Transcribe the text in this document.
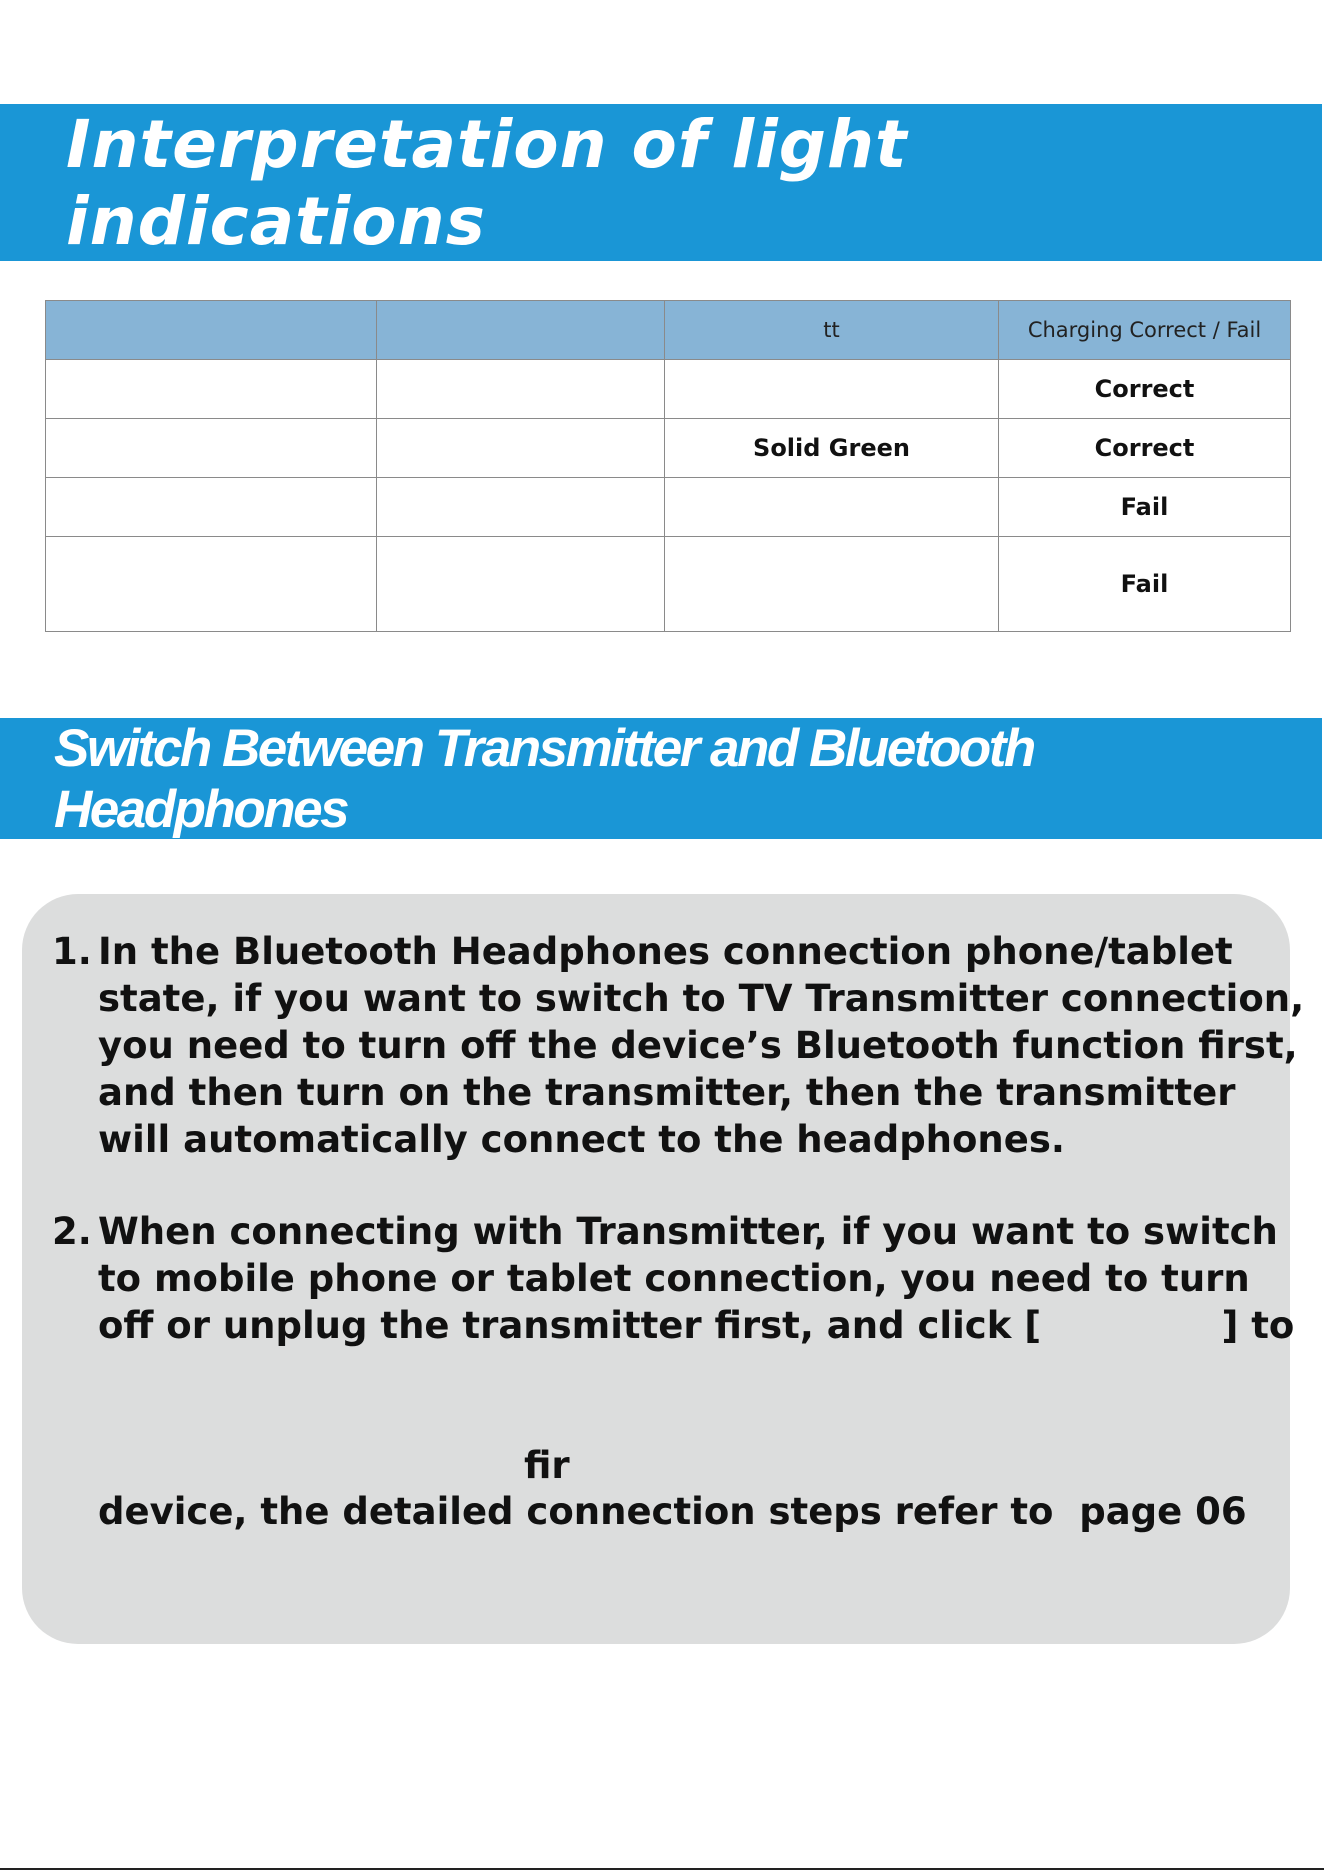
Interpretation of light indications
		tt	Charging Correct / Fail
			Correct
		Solid Green	Correct
			Fail
			Fail
Switch Between Transmitter and Bluetooth Headphones
1. In the Bluetooth Headphones connection phone/tablet
state, if you want to switch to TV Transmitter connection,
you need to turn off the device’s Bluetooth function first,
and then turn on the transmitter, then the transmitter
will automatically connect to the headphones.
2. When connecting with Transmitter, if you want to switch
to mobile phone or tablet connection, you need to turn
off or unplug the transmitter first, and click [              ] to
fir
device, the detailed connection steps refer to  page 06
